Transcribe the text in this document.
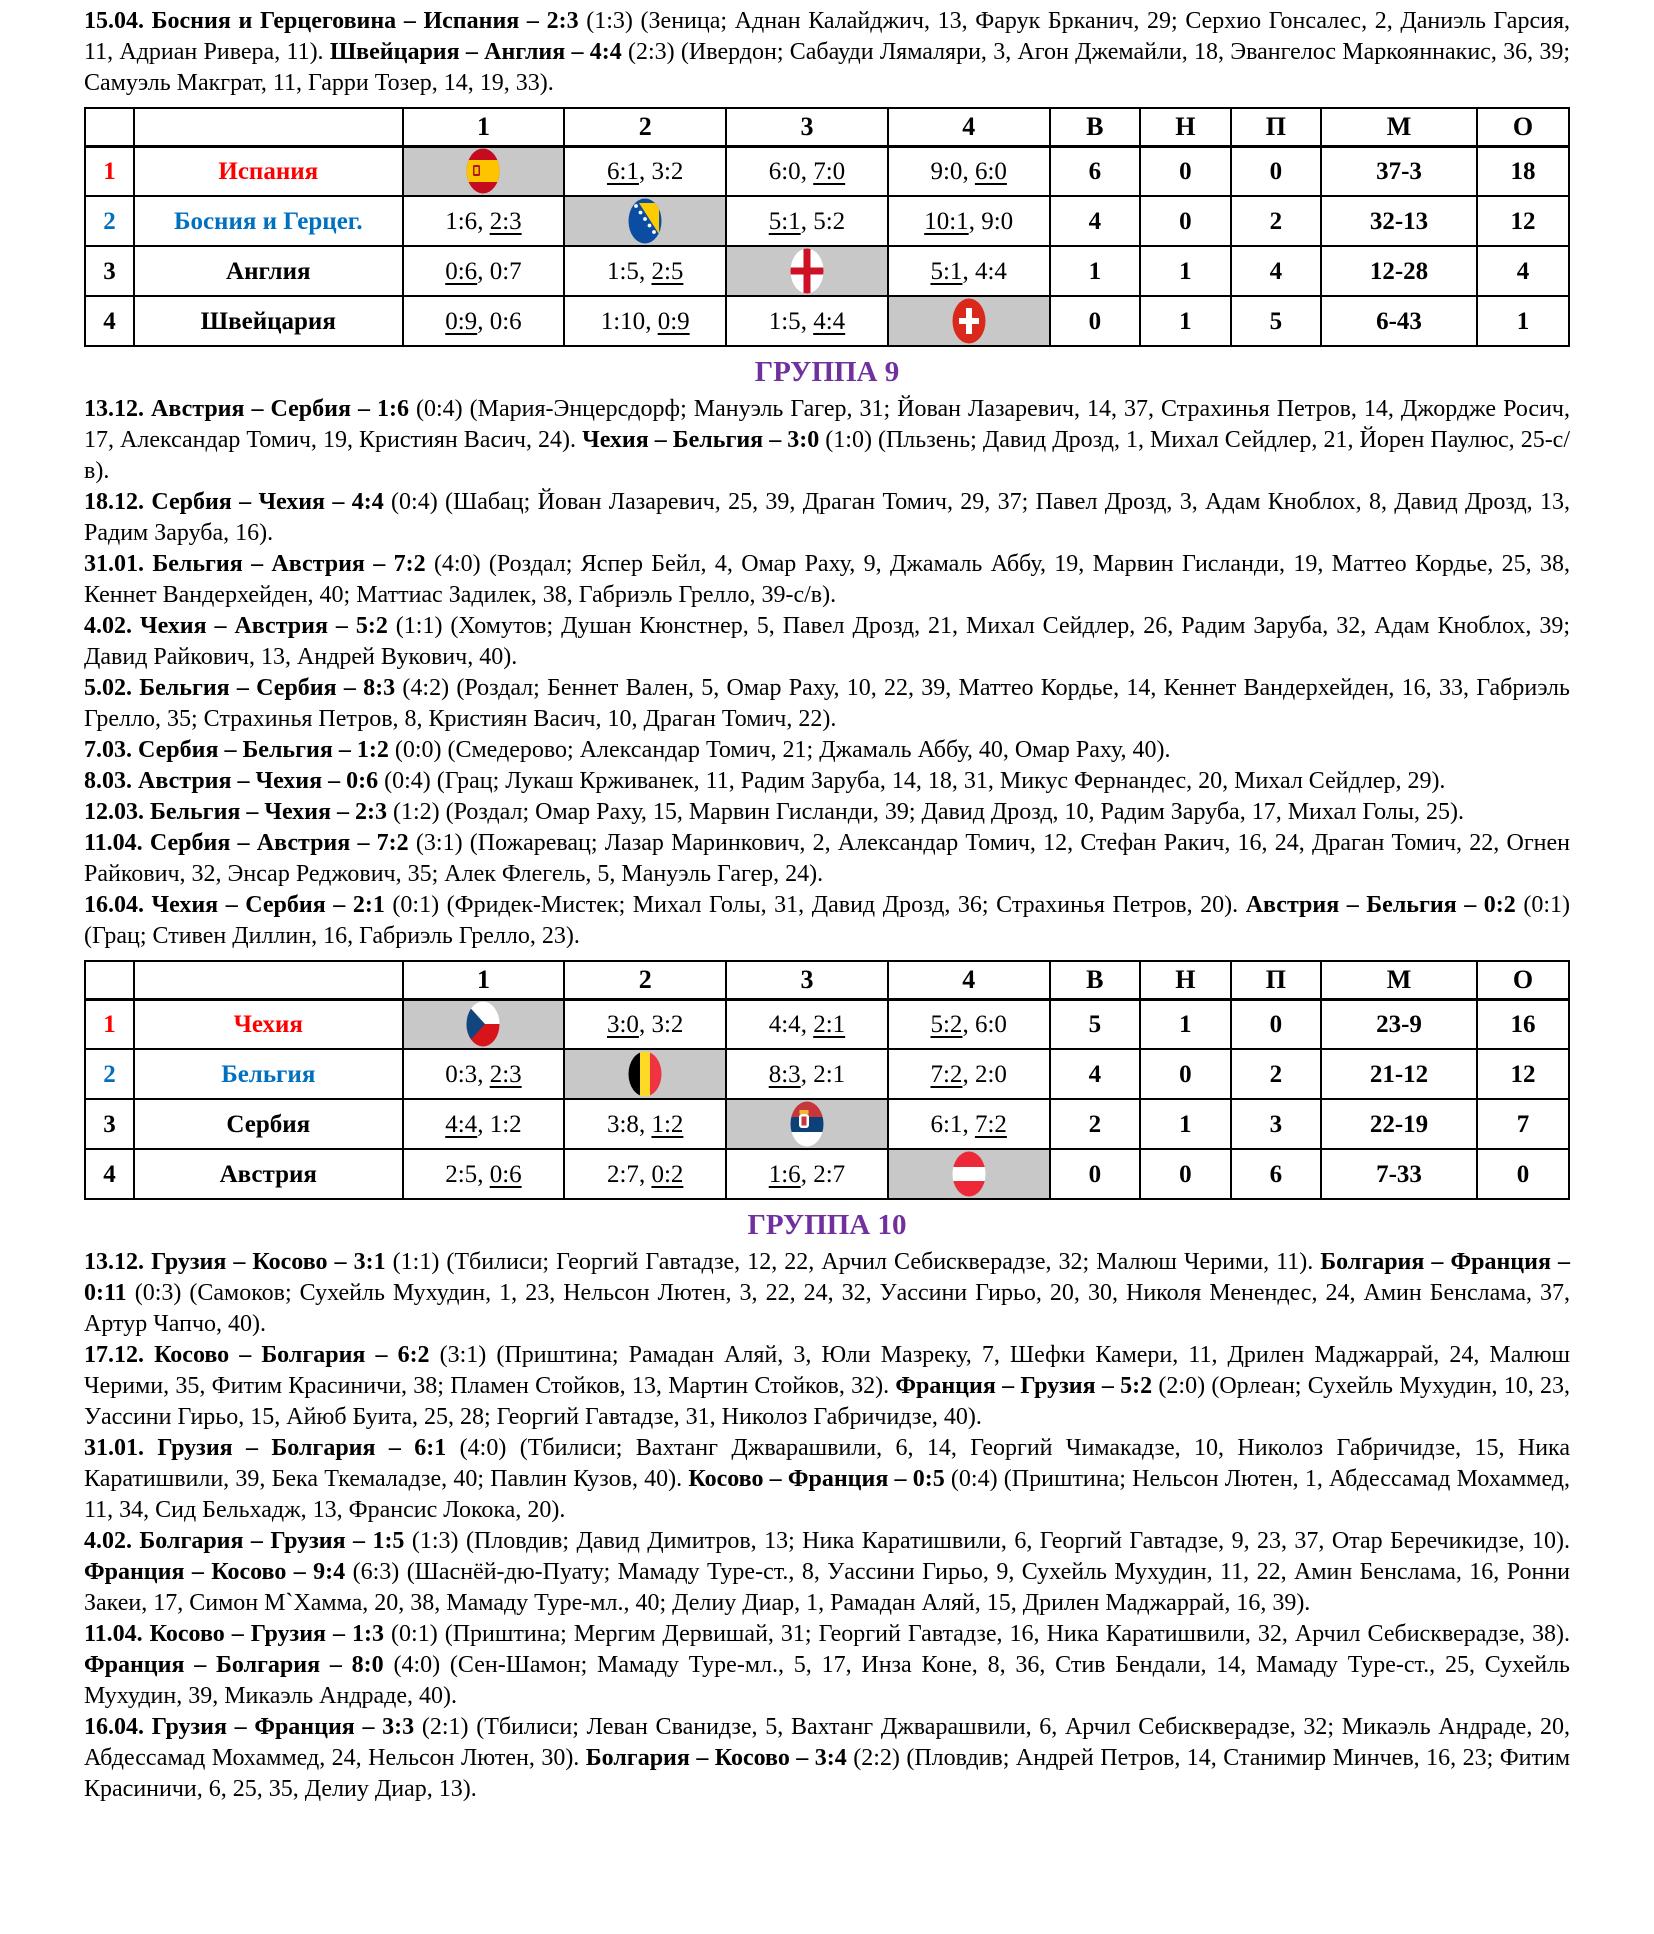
15.04. Босния и Герцеговина – Испания – 2:3 (1:3) (Зеница; Аднан Калайджич, 13, Фарук Брканич, 29; Серхио Гонсалес, 2, Даниэль Гарсия, 11, Адриан Ривера, 11). Швейцария – Англия – 4:4 (2:3) (Ивердон; Сабауди Лямаляри, 3, Агон Джемайли, 18, Эвангелос Маркояннакис, 36, 39; Самуэль Макграт, 11, Гарри Тозер, 14, 19, 33).

		1	2	3	4	В	Н	П	М	О
1	Испания		6:1, 3:2	6:0, 7:0	9:0, 6:0	6	0	0	37-3	18
2	Босния и Герцег.	1:6, 2:3		5:1, 5:2	10:1, 9:0	4	0	2	32-13	12
3	Англия	0:6, 0:7	1:5, 2:5		5:1, 4:4	1	1	4	12-28	4
4	Швейцария	0:9, 0:6	1:10, 0:9	1:5, 4:4		0	1	5	6-43	1
ГРУППА 9

13.12. Австрия – Сербия – 1:6 (0:4) (Мария-Энцерсдорф; Мануэль Гагер, 31; Йован Лазаревич, 14, 37, Страхинья Петров, 14, Джордже Росич, 17, Александар Томич, 19, Кристиян Васич, 24). Чехия – Бельгия – 3:0 (1:0) (Пльзень; Давид Дрозд, 1, Михал Сейдлер, 21, Йорен Паулюс, 25-с/в).

18.12. Сербия – Чехия – 4:4 (0:4) (Шабац; Йован Лазаревич, 25, 39, Драган Томич, 29, 37; Павел Дрозд, 3, Адам Кноблох, 8, Давид Дрозд, 13, Радим Заруба, 16).

31.01. Бельгия – Австрия – 7:2 (4:0) (Роздал; Яспер Бейл, 4, Омар Раху, 9, Джамаль Аббу, 19, Марвин Гисланди, 19, Маттео Кордье, 25, 38, Кеннет Вандерхейден, 40; Маттиас Задилек, 38, Габриэль Грелло, 39-с/в).

4.02. Чехия – Австрия – 5:2 (1:1) (Хомутов; Душан Кюнстнер, 5, Павел Дрозд, 21, Михал Сейдлер, 26, Радим Заруба, 32, Адам Кноблох, 39; Давид Райкович, 13, Андрей Вукович, 40).

5.02. Бельгия – Сербия – 8:3 (4:2) (Роздал; Беннет Вален, 5, Омар Раху, 10, 22, 39, Маттео Кордье, 14, Кеннет Вандерхейден, 16, 33, Габриэль Грелло, 35; Страхинья Петров, 8, Кристиян Васич, 10, Драган Томич, 22).

7.03. Сербия – Бельгия – 1:2 (0:0) (Смедерово; Александар Томич, 21; Джамаль Аббу, 40, Омар Раху, 40).

8.03. Австрия – Чехия – 0:6 (0:4) (Грац; Лукаш Крживанек, 11, Радим Заруба, 14, 18, 31, Микус Фернандес, 20, Михал Сейдлер, 29).

12.03. Бельгия – Чехия – 2:3 (1:2) (Роздал; Омар Раху, 15, Марвин Гисланди, 39; Давид Дрозд, 10, Радим Заруба, 17, Михал Голы, 25).

11.04. Сербия – Австрия – 7:2 (3:1) (Пожаревац; Лазар Маринкович, 2, Александар Томич, 12, Стефан Ракич, 16, 24, Драган Томич, 22, Огнен Райкович, 32, Энсар Реджович, 35; Алек Флегель, 5, Мануэль Гагер, 24).

16.04. Чехия – Сербия – 2:1 (0:1) (Фридек-Мистек; Михал Голы, 31, Давид Дрозд, 36; Страхинья Петров, 20). Австрия – Бельгия – 0:2 (0:1) (Грац; Стивен Диллин, 16, Габриэль Грелло, 23).

		1	2	3	4	В	Н	П	М	О
1	Чехия		3:0, 3:2	4:4, 2:1	5:2, 6:0	5	1	0	23-9	16
2	Бельгия	0:3, 2:3		8:3, 2:1	7:2, 2:0	4	0	2	21-12	12
3	Сербия	4:4, 1:2	3:8, 1:2		6:1, 7:2	2	1	3	22-19	7
4	Австрия	2:5, 0:6	2:7, 0:2	1:6, 2:7		0	0	6	7-33	0
ГРУППА 10

13.12. Грузия – Косово – 3:1 (1:1) (Тбилиси; Георгий Гавтадзе, 12, 22, Арчил Себискверадзе, 32; Малюш Черими, 11). Болгария – Франция – 0:11 (0:3) (Самоков; Сухейль Мухудин, 1, 23, Нельсон Лютен, 3, 22, 24, 32, Уассини Гирьо, 20, 30, Николя Менендес, 24, Амин Бенслама, 37, Артур Чапчо, 40).

17.12. Косово – Болгария – 6:2 (3:1) (Приштина; Рамадан Аляй, 3, Юли Мазреку, 7, Шефки Камери, 11, Дрилен Маджаррай, 24, Малюш Черими, 35, Фитим Красиничи, 38; Пламен Стойков, 13, Мартин Стойков, 32). Франция – Грузия – 5:2 (2:0) (Орлеан; Сухейль Мухудин, 10, 23, Уассини Гирьо, 15, Айюб Буита, 25, 28; Георгий Гавтадзе, 31, Николоз Габричидзе, 40).

31.01. Грузия – Болгария – 6:1 (4:0) (Тбилиси; Вахтанг Джварашвили, 6, 14, Георгий Чимакадзе, 10, Николоз Габричидзе, 15, Ника Каратишвили, 39, Бека Ткемаладзе, 40; Павлин Кузов, 40). Косово – Франция – 0:5 (0:4) (Приштина; Нельсон Лютен, 1, Абдессамад Мохаммед, 11, 34, Сид Бельхадж, 13, Франсис Локока, 20).

4.02. Болгария – Грузия – 1:5 (1:3) (Пловдив; Давид Димитров, 13; Ника Каратишвили, 6, Георгий Гавтадзе, 9, 23, 37, Отар Беречикидзе, 10). Франция – Косово – 9:4 (6:3) (Шаснёй-дю-Пуату; Мамаду Туре-ст., 8, Уассини Гирьо, 9, Сухейль Мухудин, 11, 22, Амин Бенслама, 16, Ронни Закеи, 17, Симон М`Хамма, 20, 38, Мамаду Туре-мл., 40; Делиу Диар, 1, Рамадан Аляй, 15, Дрилен Маджаррай, 16, 39).

11.04. Косово – Грузия – 1:3 (0:1) (Приштина; Мергим Дервишай, 31; Георгий Гавтадзе, 16, Ника Каратишвили, 32, Арчил Себискверадзе, 38). Франция – Болгария – 8:0 (4:0) (Сен-Шамон; Мамаду Туре-мл., 5, 17, Инза Коне, 8, 36, Стив Бендали, 14, Мамаду Туре-ст., 25, Сухейль Мухудин, 39, Микаэль Андраде, 40).

16.04. Грузия – Франция – 3:3 (2:1) (Тбилиси; Леван Сванидзе, 5, Вахтанг Джварашвили, 6, Арчил Себискверадзе, 32; Микаэль Андраде, 20, Абдессамад Мохаммед, 24, Нельсон Лютен, 30). Болгария – Косово – 3:4 (2:2) (Пловдив; Андрей Петров, 14, Станимир Минчев, 16, 23; Фитим Красиничи, 6, 25, 35, Делиу Диар, 13).
